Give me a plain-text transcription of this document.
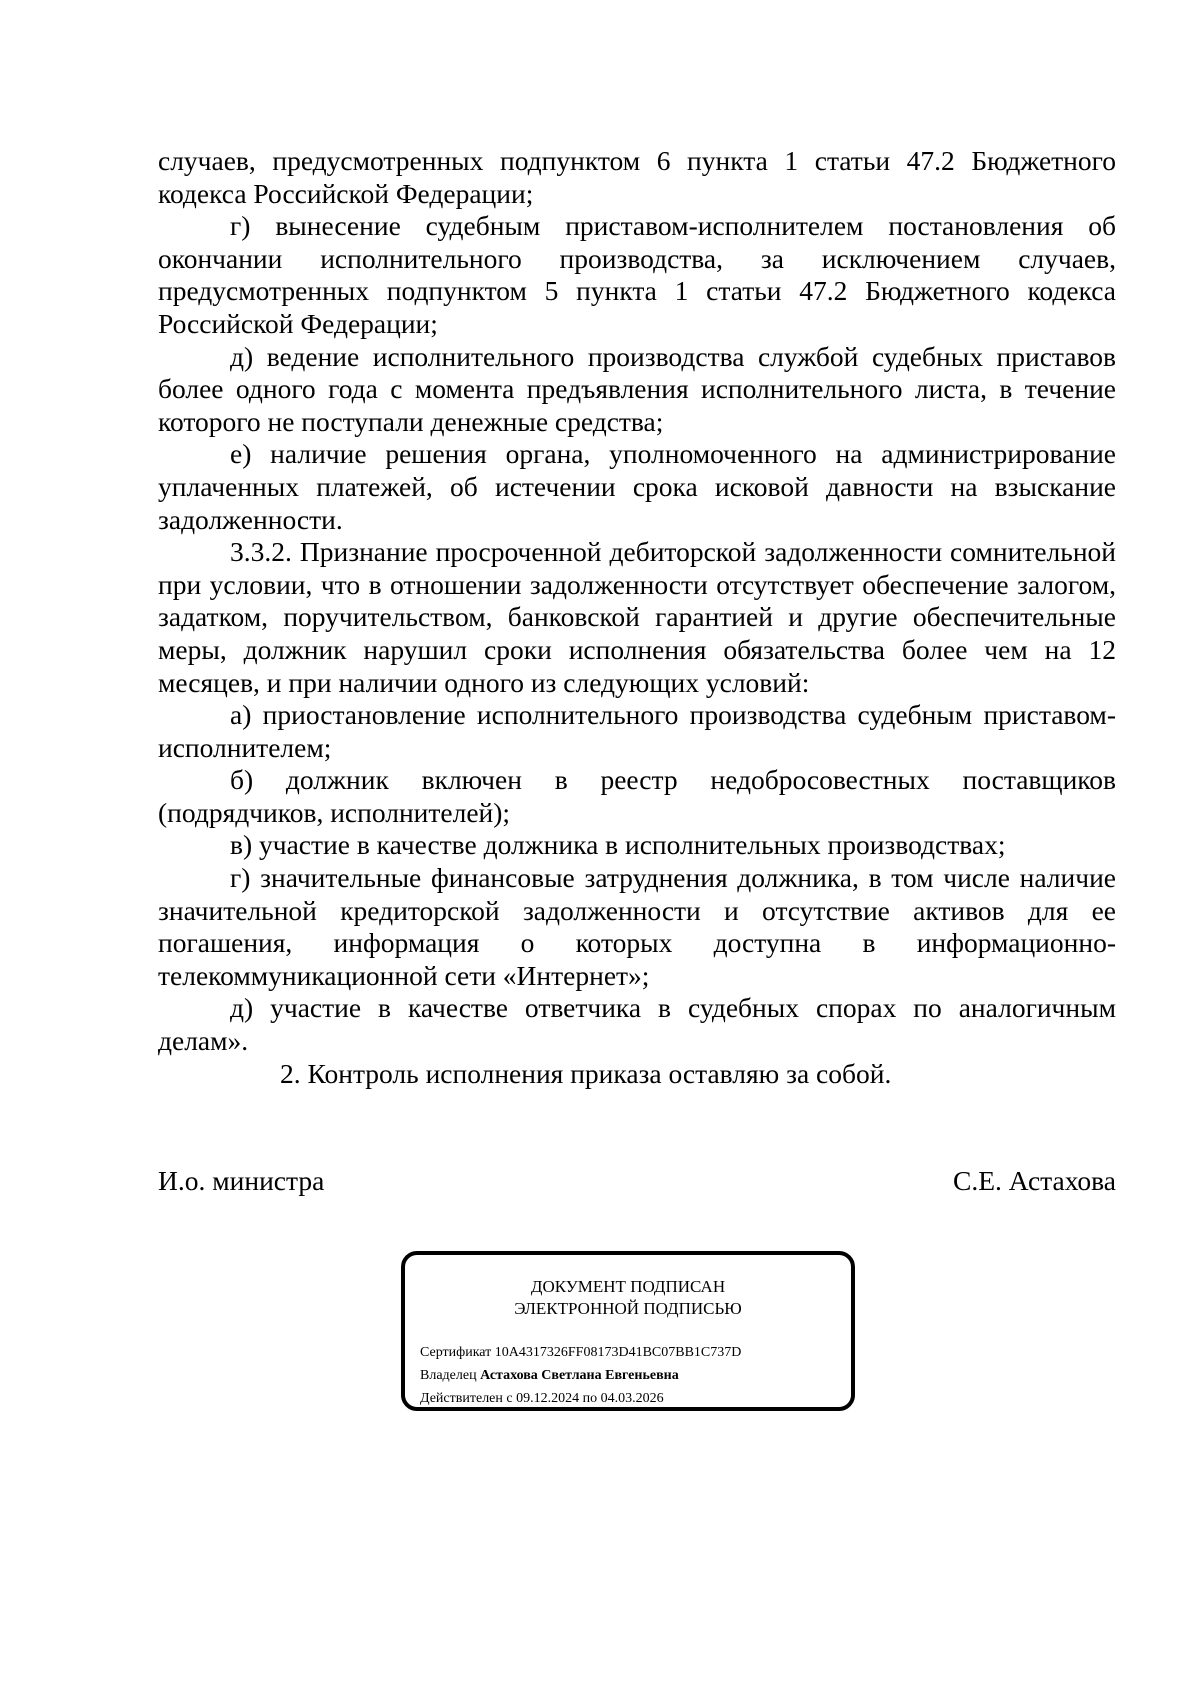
случаев, предусмотренных подпунктом 6 пункта 1 статьи 47.2 Бюджетного кодекса Российской Федерации;

г) вынесение судебным приставом-исполнителем постановления об окончании исполнительного производства, за исключением случаев, предусмотренных подпунктом 5 пункта 1 статьи 47.2 Бюджетного кодекса Российской Федерации;

д) ведение исполнительного производства службой судебных приставов более одного года с момента предъявления исполнительного листа, в течение которого не поступали денежные средства;

е) наличие решения органа, уполномоченного на администрирование уплаченных платежей, об истечении срока исковой давности на взыскание задолженности.

3.3.2. Признание просроченной дебиторской задолженности сомнительной при условии, что в отношении задолженности отсутствует обеспечение залогом, задатком, поручительством, банковской гарантией и другие обеспечительные меры, должник нарушил сроки исполнения обязательства более чем на 12 месяцев, и при наличии одного из следующих условий:

а) приостановление исполнительного производства судебным приставом-исполнителем;

б) должник включен в реестр недобросовестных поставщиков (подрядчиков, исполнителей);

в) участие в качестве должника в исполнительных производствах;

г) значительные финансовые затруднения должника, в том числе наличие значительной кредиторской задолженности и отсутствие активов для ее погашения, информация о которых доступна в информационно-телекоммуникационной сети «Интернет»;

д) участие в качестве ответчика в судебных спорах по аналогичным делам».

2. Контроль исполнения приказа оставляю за собой.

И.о. министра	С.Е. Астахова
ДОКУМЕНТ ПОДПИСАН
ЭЛЕКТРОННОЙ ПОДПИСЬЮ
Сертификат 10A4317326FF08173D41BC07BB1C737D
Владелец Астахова Светлана Евгеньевна
Действителен с 09.12.2024 по 04.03.2026
